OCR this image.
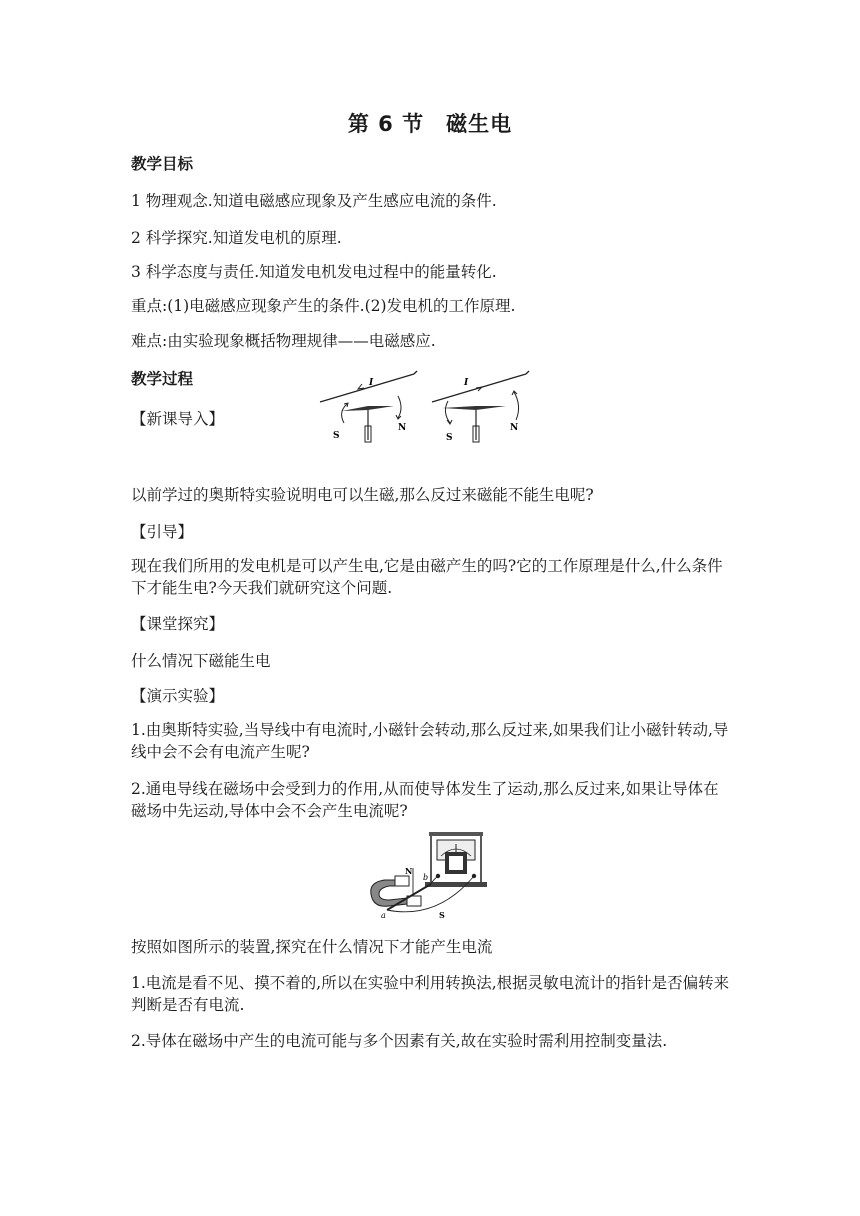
第 6 节 磁生电
教学目标
1 物理观念.知道电磁感应现象及产生感应电流的条件.
2 科学探究.知道发电机的原理.
3 科学态度与责任.知道发电机发电过程中的能量转化.
重点:(1)电磁感应现象产生的条件.(2)发电机的工作原理.
难点:由实验现象概括物理规律——电磁感应.
教学过程
【新课导入】
I
S
N
I
S
N
以前学过的奥斯特实验说明电可以生磁,那么反过来磁能不能生电呢?
【引导】
现在我们所用的发电机是可以产生电,它是由磁产生的吗?它的工作原理是什么,什么条件下才能生电?今天我们就研究这个问题.
【课堂探究】
什么情况下磁能生电
【演示实验】
1.由奥斯特实验,当导线中有电流时,小磁针会转动,那么反过来,如果我们让小磁针转动,导线中会不会有电流产生呢?
2.通电导线在磁场中会受到力的作用,从而使导体发生了运动,那么反过来,如果让导体在磁场中先运动,导体中会不会产生电流呢?
N
S
a
b
按照如图所示的装置,探究在什么情况下才能产生电流
1.电流是看不见、摸不着的,所以在实验中利用转换法,根据灵敏电流计的指针是否偏转来判断是否有电流.
2.导体在磁场中产生的电流可能与多个因素有关,故在实验时需利用控制变量法.
